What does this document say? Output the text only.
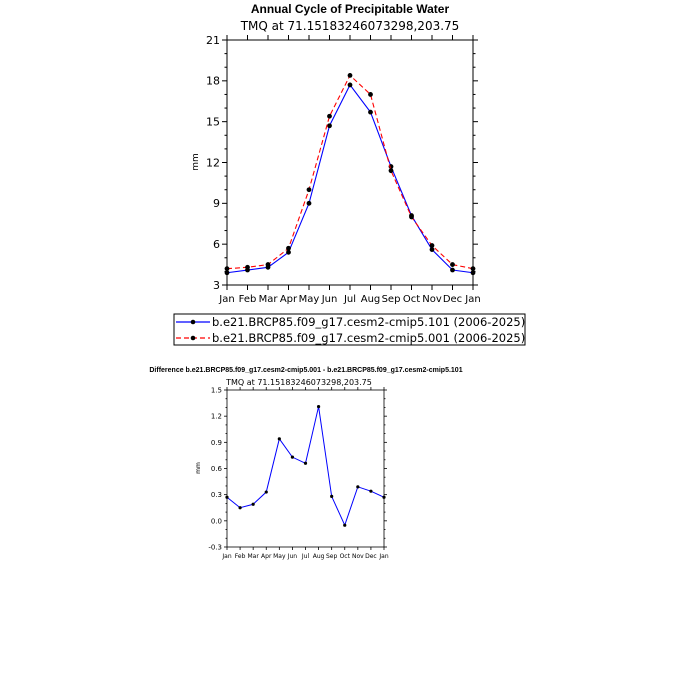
Annual Cycle of Precipitable Water
TMQ at 71.15183246073298,203.75
mm
3
6
9
12
15
18
21
Jan Feb Mar Apr May Jun Jul Aug Sep Oct Nov Dec Jan
b.e21.BRCP85.f09_g17.cesm2-cmip5.101 (2006-2025)
b.e21.BRCP85.f09_g17.cesm2-cmip5.001 (2006-2025)
Difference b.e21.BRCP85.f09_g17.cesm2-cmip5.001 - b.e21.BRCP85.f09_g17.cesm2-cmip5.101
TMQ at 71.15183246073298,203.75
mm
-0.3
0.0
0.3
0.6
0.9
1.2
1.5
Jan Feb Mar Apr May Jun Jul Aug Sep Oct Nov Dec Jan
